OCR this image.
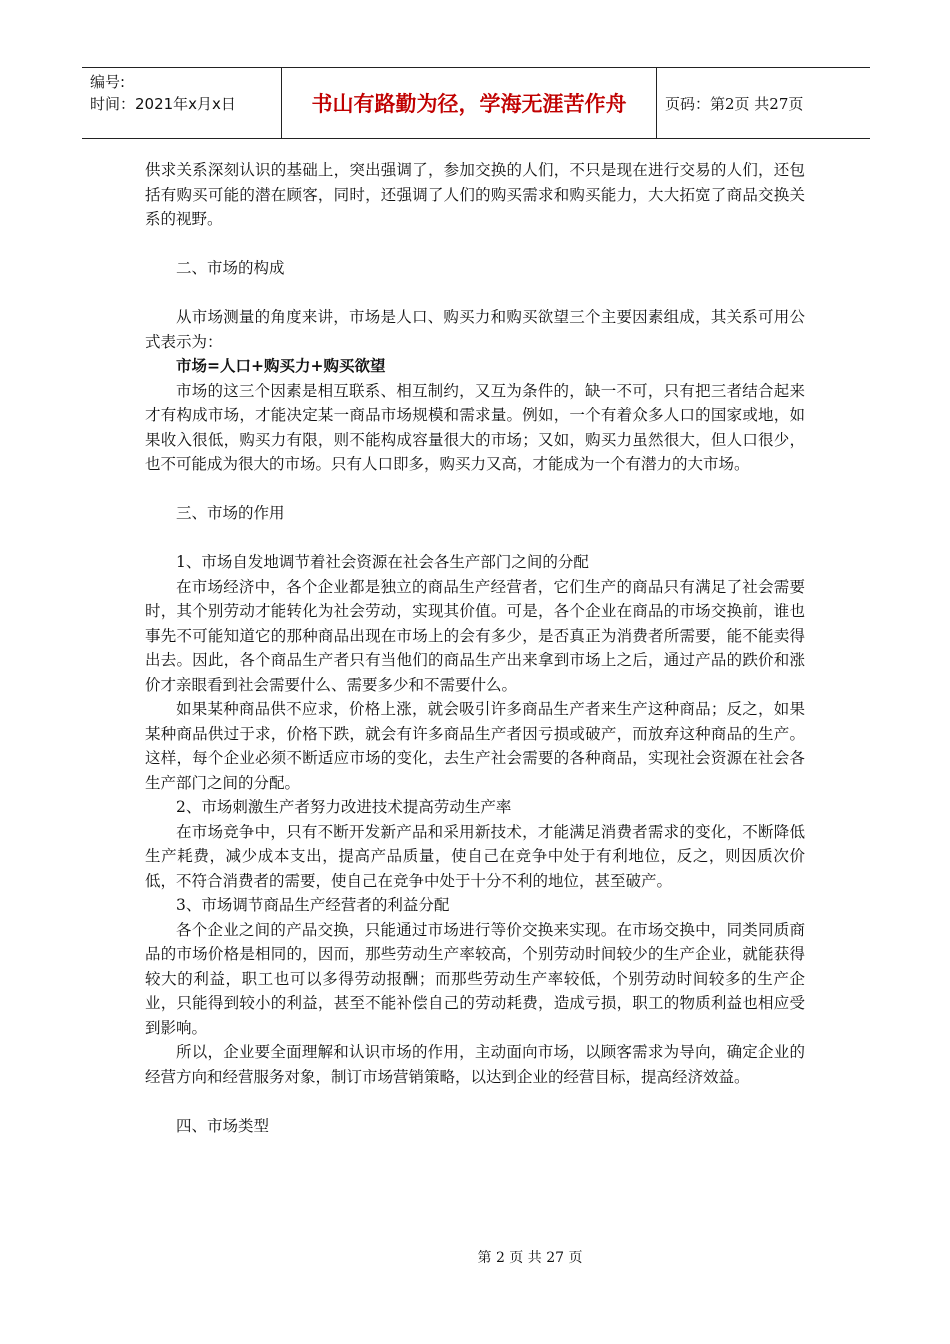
编号:
时间：2021年x月x日	书山有路勤为径，学海无涯苦作舟	页码：第2页 共27页

供求关系深刻认识的基础上，突出强调了，参加交换的人们，不只是现在进行交易的人们，还包括有购买可能的潜在顾客，同时，还强调了人们的购买需求和购买能力，大大拓宽了商品交换关系的视野。

二、市场的构成

从市场测量的角度来讲，市场是人口、购买力和购买欲望三个主要因素组成，其关系可用公式表示为：

市场=人口+购买力+购买欲望

市场的这三个因素是相互联系、相互制约，又互为条件的，缺一不可，只有把三者结合起来才有构成市场，才能决定某一商品市场规模和需求量。例如，一个有着众多人口的国家或地，如果收入很低，购买力有限，则不能构成容量很大的市场；又如，购买力虽然很大，但人口很少，也不可能成为很大的市场。只有人口即多，购买力又高，才能成为一个有潜力的大市场。

三、市场的作用

1、市场自发地调节着社会资源在社会各生产部门之间的分配

在市场经济中，各个企业都是独立的商品生产经营者，它们生产的商品只有满足了社会需要时，其个别劳动才能转化为社会劳动，实现其价值。可是，各个企业在商品的市场交换前，谁也事先不可能知道它的那种商品出现在市场上的会有多少，是否真正为消费者所需要，能不能卖得出去。因此，各个商品生产者只有当他们的商品生产出来拿到市场上之后，通过产品的跌价和涨价才亲眼看到社会需要什么、需要多少和不需要什么。

如果某种商品供不应求，价格上涨，就会吸引许多商品生产者来生产这种商品；反之，如果某种商品供过于求，价格下跌，就会有许多商品生产者因亏损或破产，而放弃这种商品的生产。这样，每个企业必须不断适应市场的变化，去生产社会需要的各种商品，实现社会资源在社会各生产部门之间的分配。

2、市场刺激生产者努力改进技术提高劳动生产率

在市场竞争中，只有不断开发新产品和采用新技术，才能满足消费者需求的变化，不断降低生产耗费，减少成本支出，提高产品质量，使自己在竞争中处于有利地位，反之，则因质次价低，不符合消费者的需要，使自己在竞争中处于十分不利的地位，甚至破产。

3、市场调节商品生产经营者的利益分配

各个企业之间的产品交换，只能通过市场进行等价交换来实现。在市场交换中，同类同质商品的市场价格是相同的，因而，那些劳动生产率较高，个别劳动时间较少的生产企业，就能获得较大的利益，职工也可以多得劳动报酬；而那些劳动生产率较低，个别劳动时间较多的生产企业，只能得到较小的利益，甚至不能补偿自己的劳动耗费，造成亏损，职工的物质利益也相应受到影响。

所以，企业要全面理解和认识市场的作用，主动面向市场，以顾客需求为导向，确定企业的经营方向和经营服务对象，制订市场营销策略，以达到企业的经营目标，提高经济效益。

四、市场类型

第 2 页 共 27 页
